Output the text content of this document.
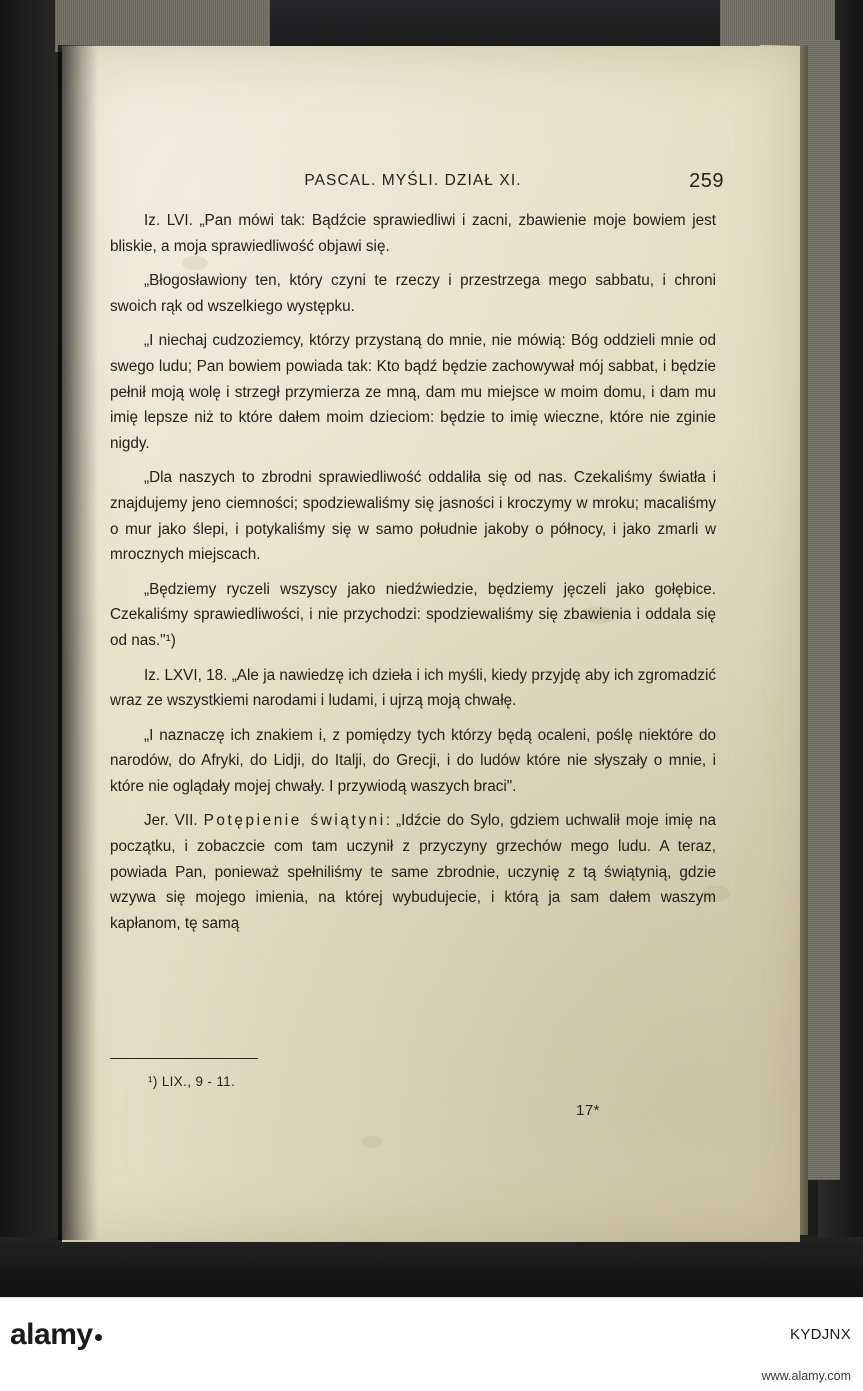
PASCAL. MYŚLI. DZIAŁ XI.	259

Iz. LVI. „Pan mówi tak: Bądźcie sprawiedliwi i zacni, zbawienie moje bowiem jest bliskie, a moja sprawiedliwość objawi się.

„Błogosławiony ten, który czyni te rzeczy i przestrzega mego sabbatu, i chroni swoich rąk od wszelkiego występku.

„I niechaj cudzoziemcy, którzy przystaną do mnie, nie mówią: Bóg oddzieli mnie od swego ludu; Pan bowiem powiada tak: Kto bądź będzie zachowywał mój sabbat, i będzie pełnił moją wolę i strzegł przymierza ze mną, dam mu miejsce w moim domu, i dam mu imię lepsze niż to które dałem moim dzieciom: będzie to imię wieczne, które nie zginie nigdy.

„Dla naszych to zbrodni sprawiedliwość oddaliła się od nas. Czekaliśmy światła i znajdujemy jeno ciemności; spodziewaliśmy się jasności i kroczymy w mroku; macaliśmy o mur jako ślepi, i potykaliśmy się w samo południe jakoby o północy, i jako zmarli w mrocznych miejscach.

„Będziemy ryczeli wszyscy jako niedźwiedzie, będziemy jęczeli jako gołębice. Czekaliśmy sprawiedliwości, i nie przychodzi: spodziewaliśmy się zbawienia i oddala się od nas."¹)

Iz. LXVI, 18. „Ale ja nawiedzę ich dzieła i ich myśli, kiedy przyjdę aby ich zgromadzić wraz ze wszystkiemi narodami i ludami, i ujrzą moją chwałę.

„I naznaczę ich znakiem i, z pomiędzy tych którzy będą ocaleni, poślę niektóre do narodów, do Afryki, do Lidji, do Italji, do Grecji, i do ludów które nie słyszały o mnie, i które nie oglądały mojej chwały. I przywiodą waszych braci".

Jer. VII. Potępienie świątyni: „Idźcie do Sylo, gdziem uchwalił moje imię na początku, i zobaczcie com tam uczynił z przyczyny grzechów mego ludu. A teraz, powiada Pan, ponieważ spełniliśmy te same zbrodnie, uczynię z tą świątynią, gdzie wzywa się mojego imienia, na której wybudujecie, i którą ja sam dałem waszym kapłanom, tę samą

¹) LIX., 9 - 11.
17*
alamy	KYDJNX
www.alamy.com
